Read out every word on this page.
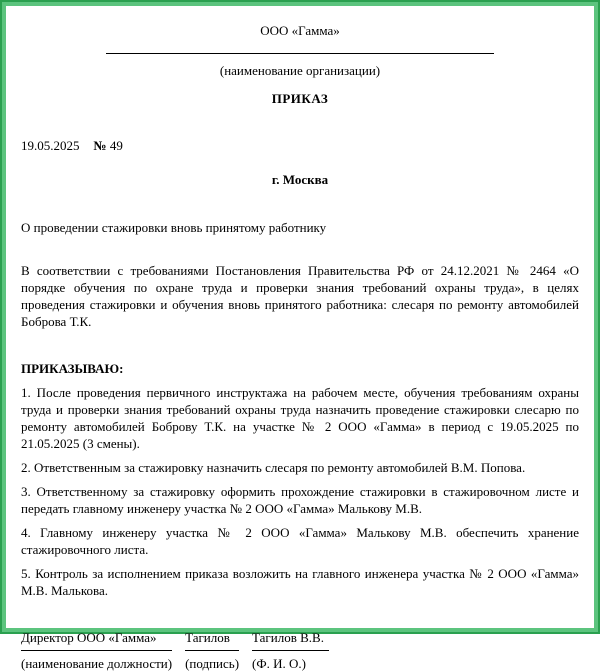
ООО «Гамма»
(наименование организации)
ПРИКАЗ
19.05.2025 № 49
г. Москва
О проведении стажировки вновь принятому работнику

В соответствии с требованиями Постановления Правительства РФ от 24.12.2021 № 2464 «О порядке обучения по охране труда и проверки знания требований охраны труда», в целях проведения стажировки и обучения вновь принятого работника: слесаря по ремонту автомобилей Боброва Т.К.

ПРИКАЗЫВАЮ:

1. После проведения первичного инструктажа на рабочем месте, обучения требованиям охраны труда и проверки знания требований охраны труда назначить проведение стажировки слесарю по ремонту автомобилей Боброву Т.К. на участке № 2 ООО «Гамма» в период с 19.05.2025 по 21.05.2025 (3 смены).

2. Ответственным за стажировку назначить слесаря по ремонту автомобилей В.М. Попова.

3. Ответственному за стажировку оформить прохождение стажировки в стажировочном листе и передать главному инженеру участка № 2 ООО «Гамма» Малькову М.В.

4. Главному инженеру участка № 2 ООО «Гамма» Малькову М.В. обеспечить хранение стажировочного листа.

5. Контроль за исполнением приказа возложить на главного инженера участка № 2 ООО «Гамма» М.В. Малькова.

Директор ООО «Гамма»
(наименование должности)
Тагилов
(подпись)
Тагилов В.В.
(Ф. И. О.)
